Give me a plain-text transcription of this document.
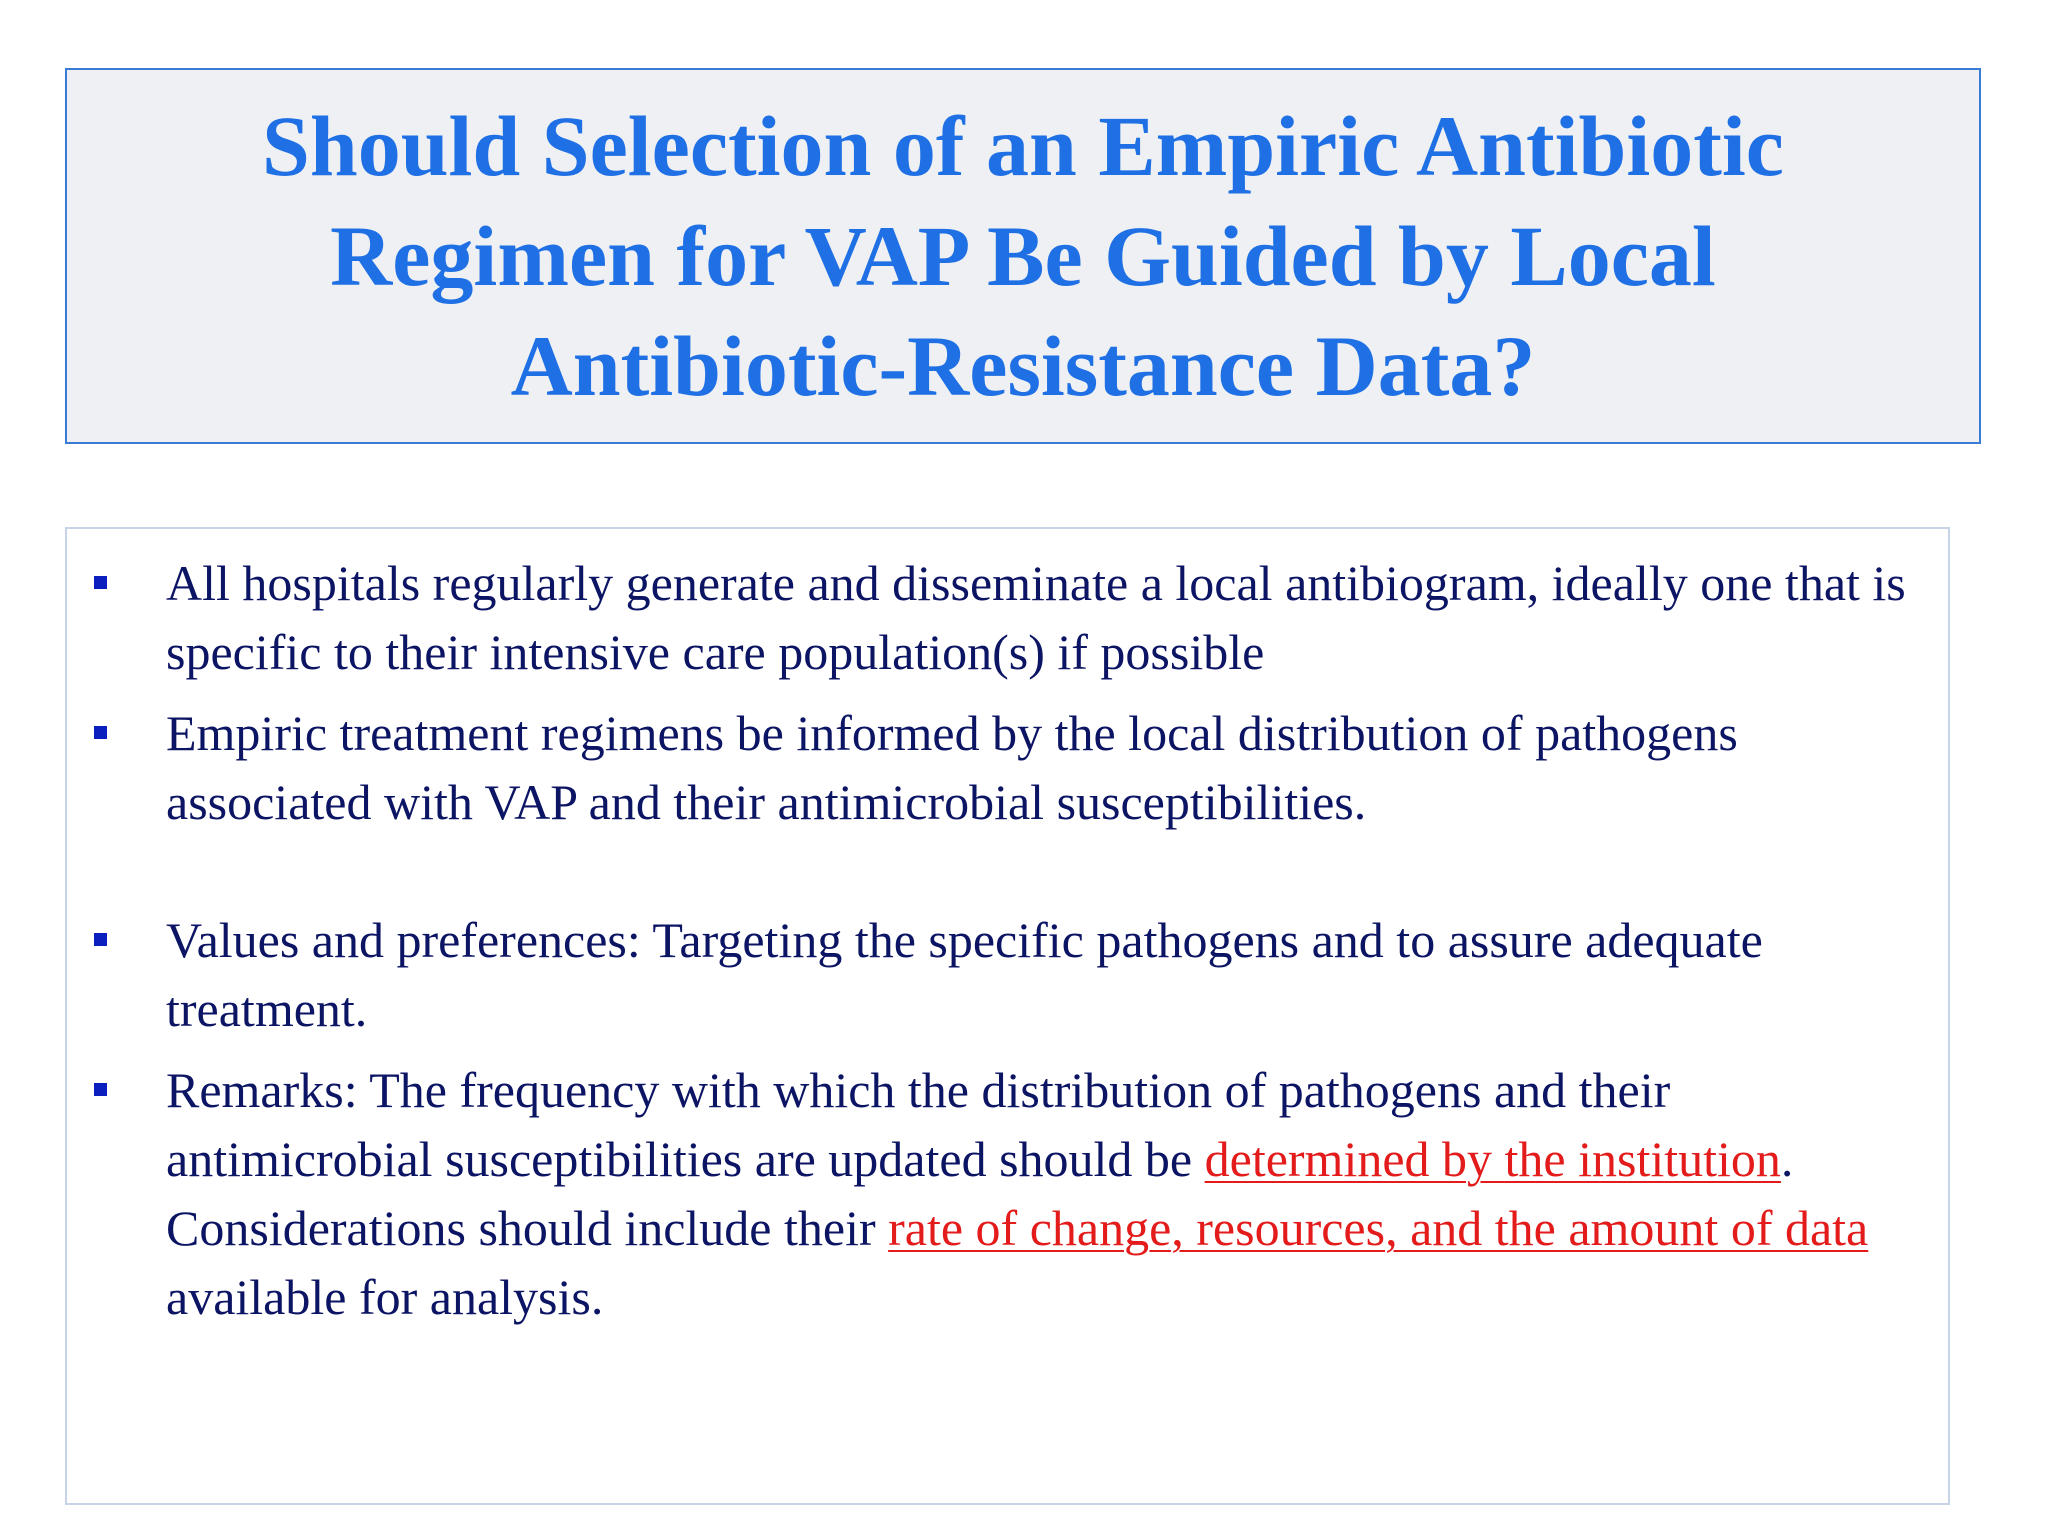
Should Selection of an Empiric Antibiotic
Regimen for VAP Be Guided by Local
Antibiotic-Resistance Data?
All hospitals regularly generate and disseminate a local antibiogram, ideally one that is specific to their intensive care population(s) if possible
Empiric treatment regimens be informed by the local distribution of pathogens associated with VAP and their antimicrobial susceptibilities.
Values and preferences: Targeting the specific pathogens and to assure adequate treatment.
Remarks: The frequency with which the distribution of pathogens and their antimicrobial susceptibilities are updated should be determined by the institution. Considerations should include their rate of change, resources, and the amount of data available for analysis.
